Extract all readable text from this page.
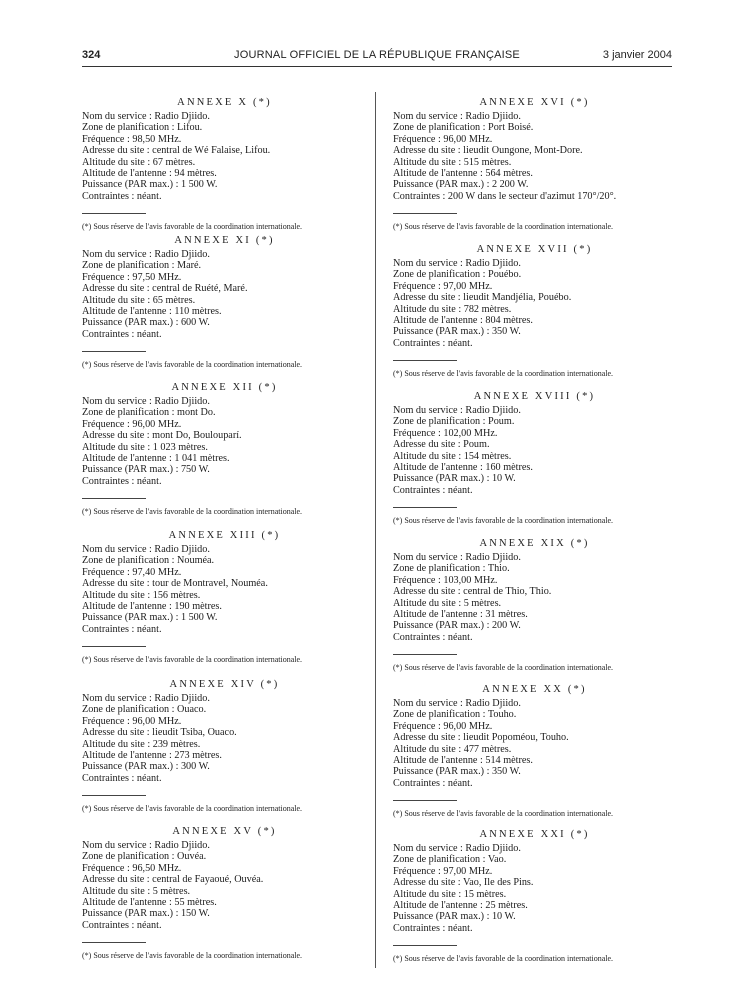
324	JOURNAL OFFICIEL DE LA RÉPUBLIQUE FRANÇAISE	3 janvier 2004
ANNEXE X (*)
Nom du service : Radio Djiido.
Zone de planification : Lifou.
Fréquence : 98,50 MHz.
Adresse du site : central de Wé Falaise, Lifou.
Altitude du site : 67 mètres.
Altitude de l'antenne : 94 mètres.
Puissance (PAR max.) : 1 500 W.
Contraintes : néant.
(*) Sous réserve de l'avis favorable de la coordination internationale.
ANNEXE XI (*)
Nom du service : Radio Djiido.
Zone de planification : Maré.
Fréquence : 97,50 MHz.
Adresse du site : central de Ruété, Maré.
Altitude du site : 65 mètres.
Altitude de l'antenne : 110 mètres.
Puissance (PAR max.) : 600 W.
Contraintes : néant.
(*) Sous réserve de l'avis favorable de la coordination internationale.
ANNEXE XII (*)
Nom du service : Radio Djiido.
Zone de planification : mont Do.
Fréquence : 96,00 MHz.
Adresse du site : mont Do, Boulouparí.
Altitude du site : 1 023 mètres.
Altitude de l'antenne : 1 041 mètres.
Puissance (PAR max.) : 750 W.
Contraintes : néant.
(*) Sous réserve de l'avis favorable de la coordination internationale.
ANNEXE XIII (*)
Nom du service : Radio Djiido.
Zone de planification : Nouméa.
Fréquence : 97,40 MHz.
Adresse du site : tour de Montravel, Nouméa.
Altitude du site : 156 mètres.
Altitude de l'antenne : 190 mètres.
Puissance (PAR max.) : 1 500 W.
Contraintes : néant.
(*) Sous réserve de l'avis favorable de la coordination internationale.
ANNEXE XIV (*)
Nom du service : Radio Djiido.
Zone de planification : Ouaco.
Fréquence : 96,00 MHz.
Adresse du site : lieudit Tsiba, Ouaco.
Altitude du site : 239 mètres.
Altitude de l'antenne : 273 mètres.
Puissance (PAR max.) : 300 W.
Contraintes : néant.
(*) Sous réserve de l'avis favorable de la coordination internationale.
ANNEXE XV (*)
Nom du service : Radio Djiido.
Zone de planification : Ouvéa.
Fréquence : 96,50 MHz.
Adresse du site : central de Fayaoué, Ouvéa.
Altitude du site : 5 mètres.
Altitude de l'antenne : 55 mètres.
Puissance (PAR max.) : 150 W.
Contraintes : néant.
(*) Sous réserve de l'avis favorable de la coordination internationale.
ANNEXE XVI (*)
Nom du service : Radio Djiido.
Zone de planification : Port Boisé.
Fréquence : 96,00 MHz.
Adresse du site : lieudit Oungone, Mont-Dore.
Altitude du site : 515 mètres.
Altitude de l'antenne : 564 mètres.
Puissance (PAR max.) : 2 200 W.
Contraintes : 200 W dans le secteur d'azimut 170°/20°.
(*) Sous réserve de l'avis favorable de la coordination internationale.
ANNEXE XVII (*)
Nom du service : Radio Djiido.
Zone de planification : Pouébo.
Fréquence : 97,00 MHz.
Adresse du site : lieudit Mandjélia, Pouébo.
Altitude du site : 782 mètres.
Altitude de l'antenne : 804 mètres.
Puissance (PAR max.) : 350 W.
Contraintes : néant.
(*) Sous réserve de l'avis favorable de la coordination internationale.
ANNEXE XVIII (*)
Nom du service : Radio Djiido.
Zone de planification : Poum.
Fréquence : 102,00 MHz.
Adresse du site : Poum.
Altitude du site : 154 mètres.
Altitude de l'antenne : 160 mètres.
Puissance (PAR max.) : 10 W.
Contraintes : néant.
(*) Sous réserve de l'avis favorable de la coordination internationale.
ANNEXE XIX (*)
Nom du service : Radio Djiido.
Zone de planification : Thio.
Fréquence : 103,00 MHz.
Adresse du site : central de Thio, Thio.
Altitude du site : 5 mètres.
Altitude de l'antenne : 31 mètres.
Puissance (PAR max.) : 200 W.
Contraintes : néant.
(*) Sous réserve de l'avis favorable de la coordination internationale.
ANNEXE XX (*)
Nom du service : Radio Djiido.
Zone de planification : Touho.
Fréquence : 96,00 MHz.
Adresse du site : lieudit Popoméou, Touho.
Altitude du site : 477 mètres.
Altitude de l'antenne : 514 mètres.
Puissance (PAR max.) : 350 W.
Contraintes : néant.
(*) Sous réserve de l'avis favorable de la coordination internationale.
ANNEXE XXI (*)
Nom du service : Radio Djiido.
Zone de planification : Vao.
Fréquence : 97,00 MHz.
Adresse du site : Vao, Ile des Pins.
Altitude du site : 15 mètres.
Altitude de l'antenne : 25 mètres.
Puissance (PAR max.) : 10 W.
Contraintes : néant.
(*) Sous réserve de l'avis favorable de la coordination internationale.
